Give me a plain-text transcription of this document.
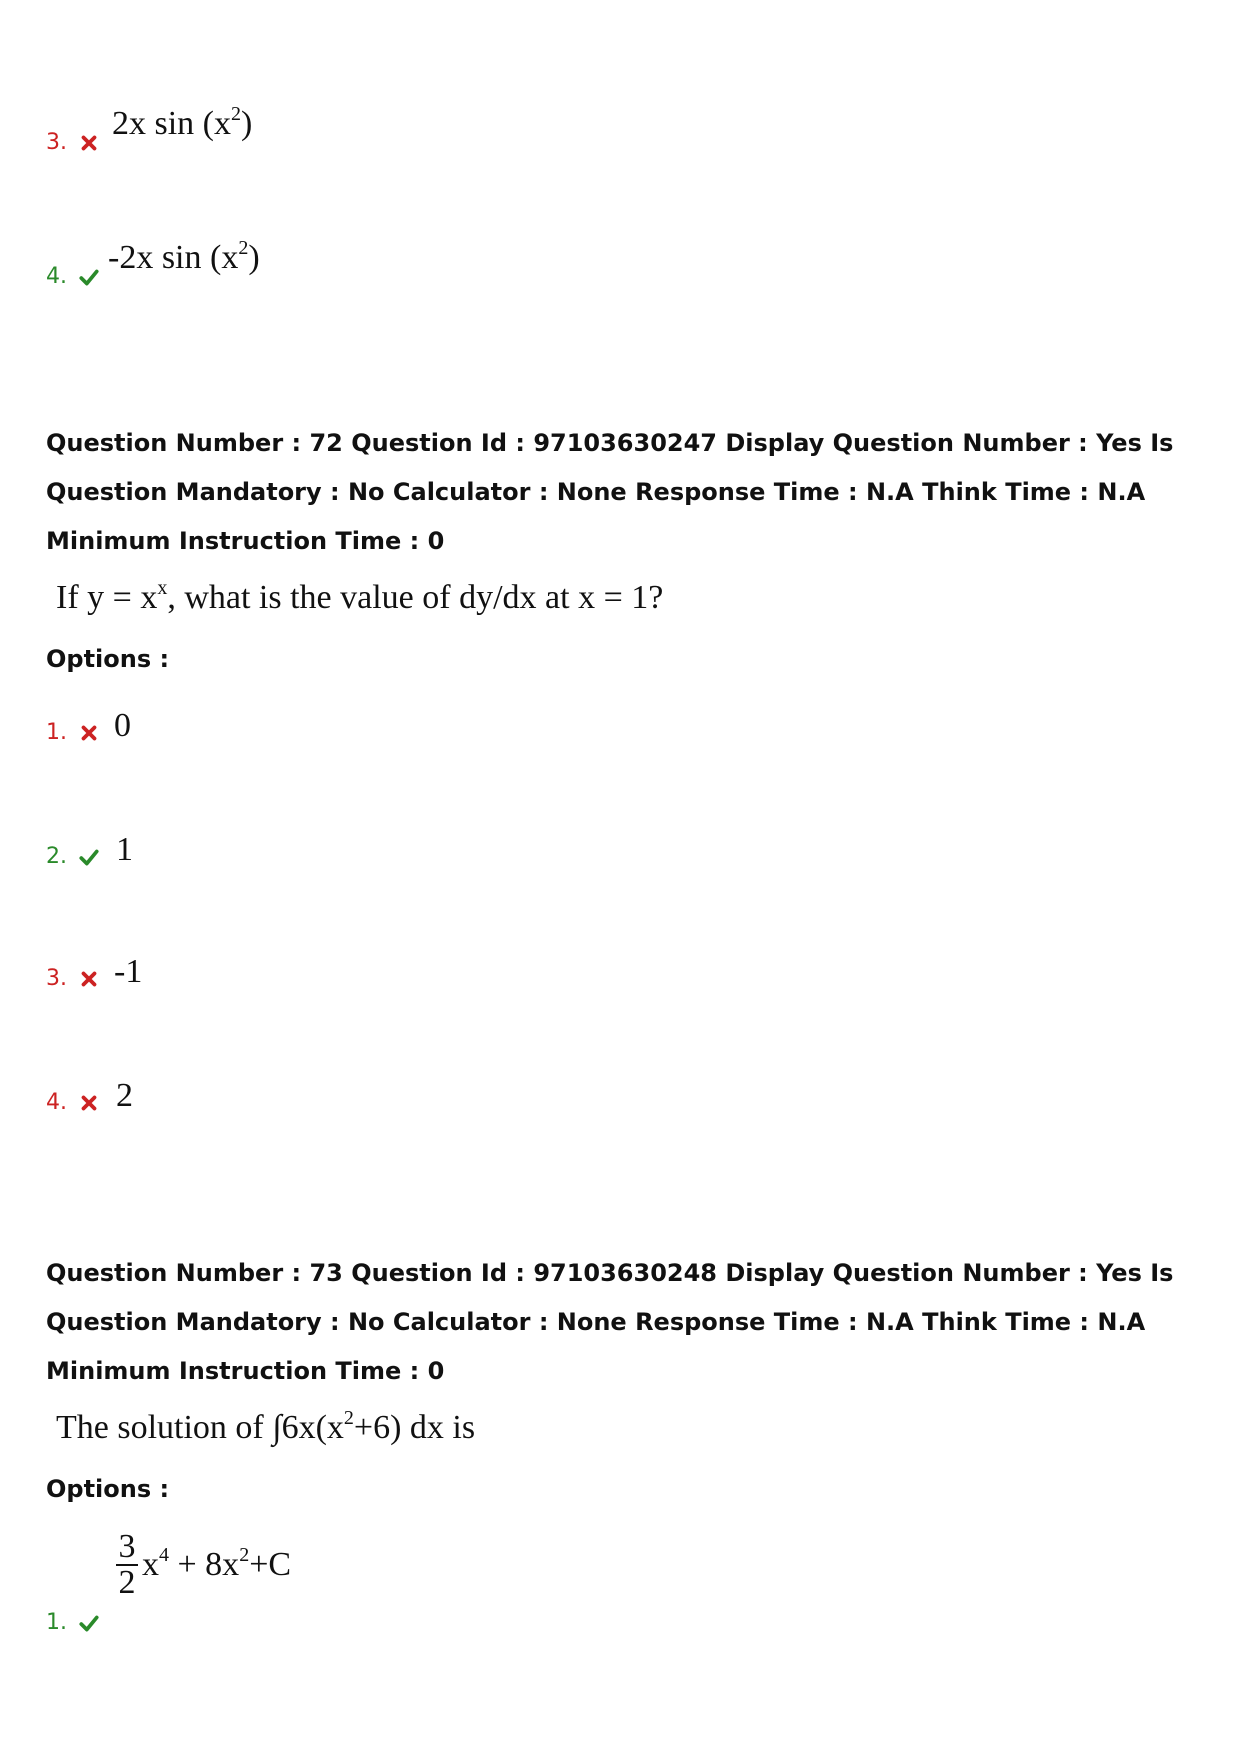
3.
2x $\sin (x^2)$
4.
-2x $\sin (x^2)$
Question Number : 72 Question Id : 97103630247 Display Question Number : Yes Is Question Mandatory : No Calculator : None Response Time : N.A Think Time : N.A Minimum Instruction Time : 0
If $y = x^x$, what is the value of dy/dx at x = 1?
Options :
1. 0
2. 1
3. -1
4. 2
Question Number : 73 Question Id : 97103630248 Display Question Number : Yes Is Question Mandatory : No Calculator : None Response Time : N.A Think Time : N.A Minimum Instruction Time : 0
The solution of $\int 6x(x^2+6)$ dx is
Options :
1.
$\frac{3}{2} x^4 + 8x^2+C$
